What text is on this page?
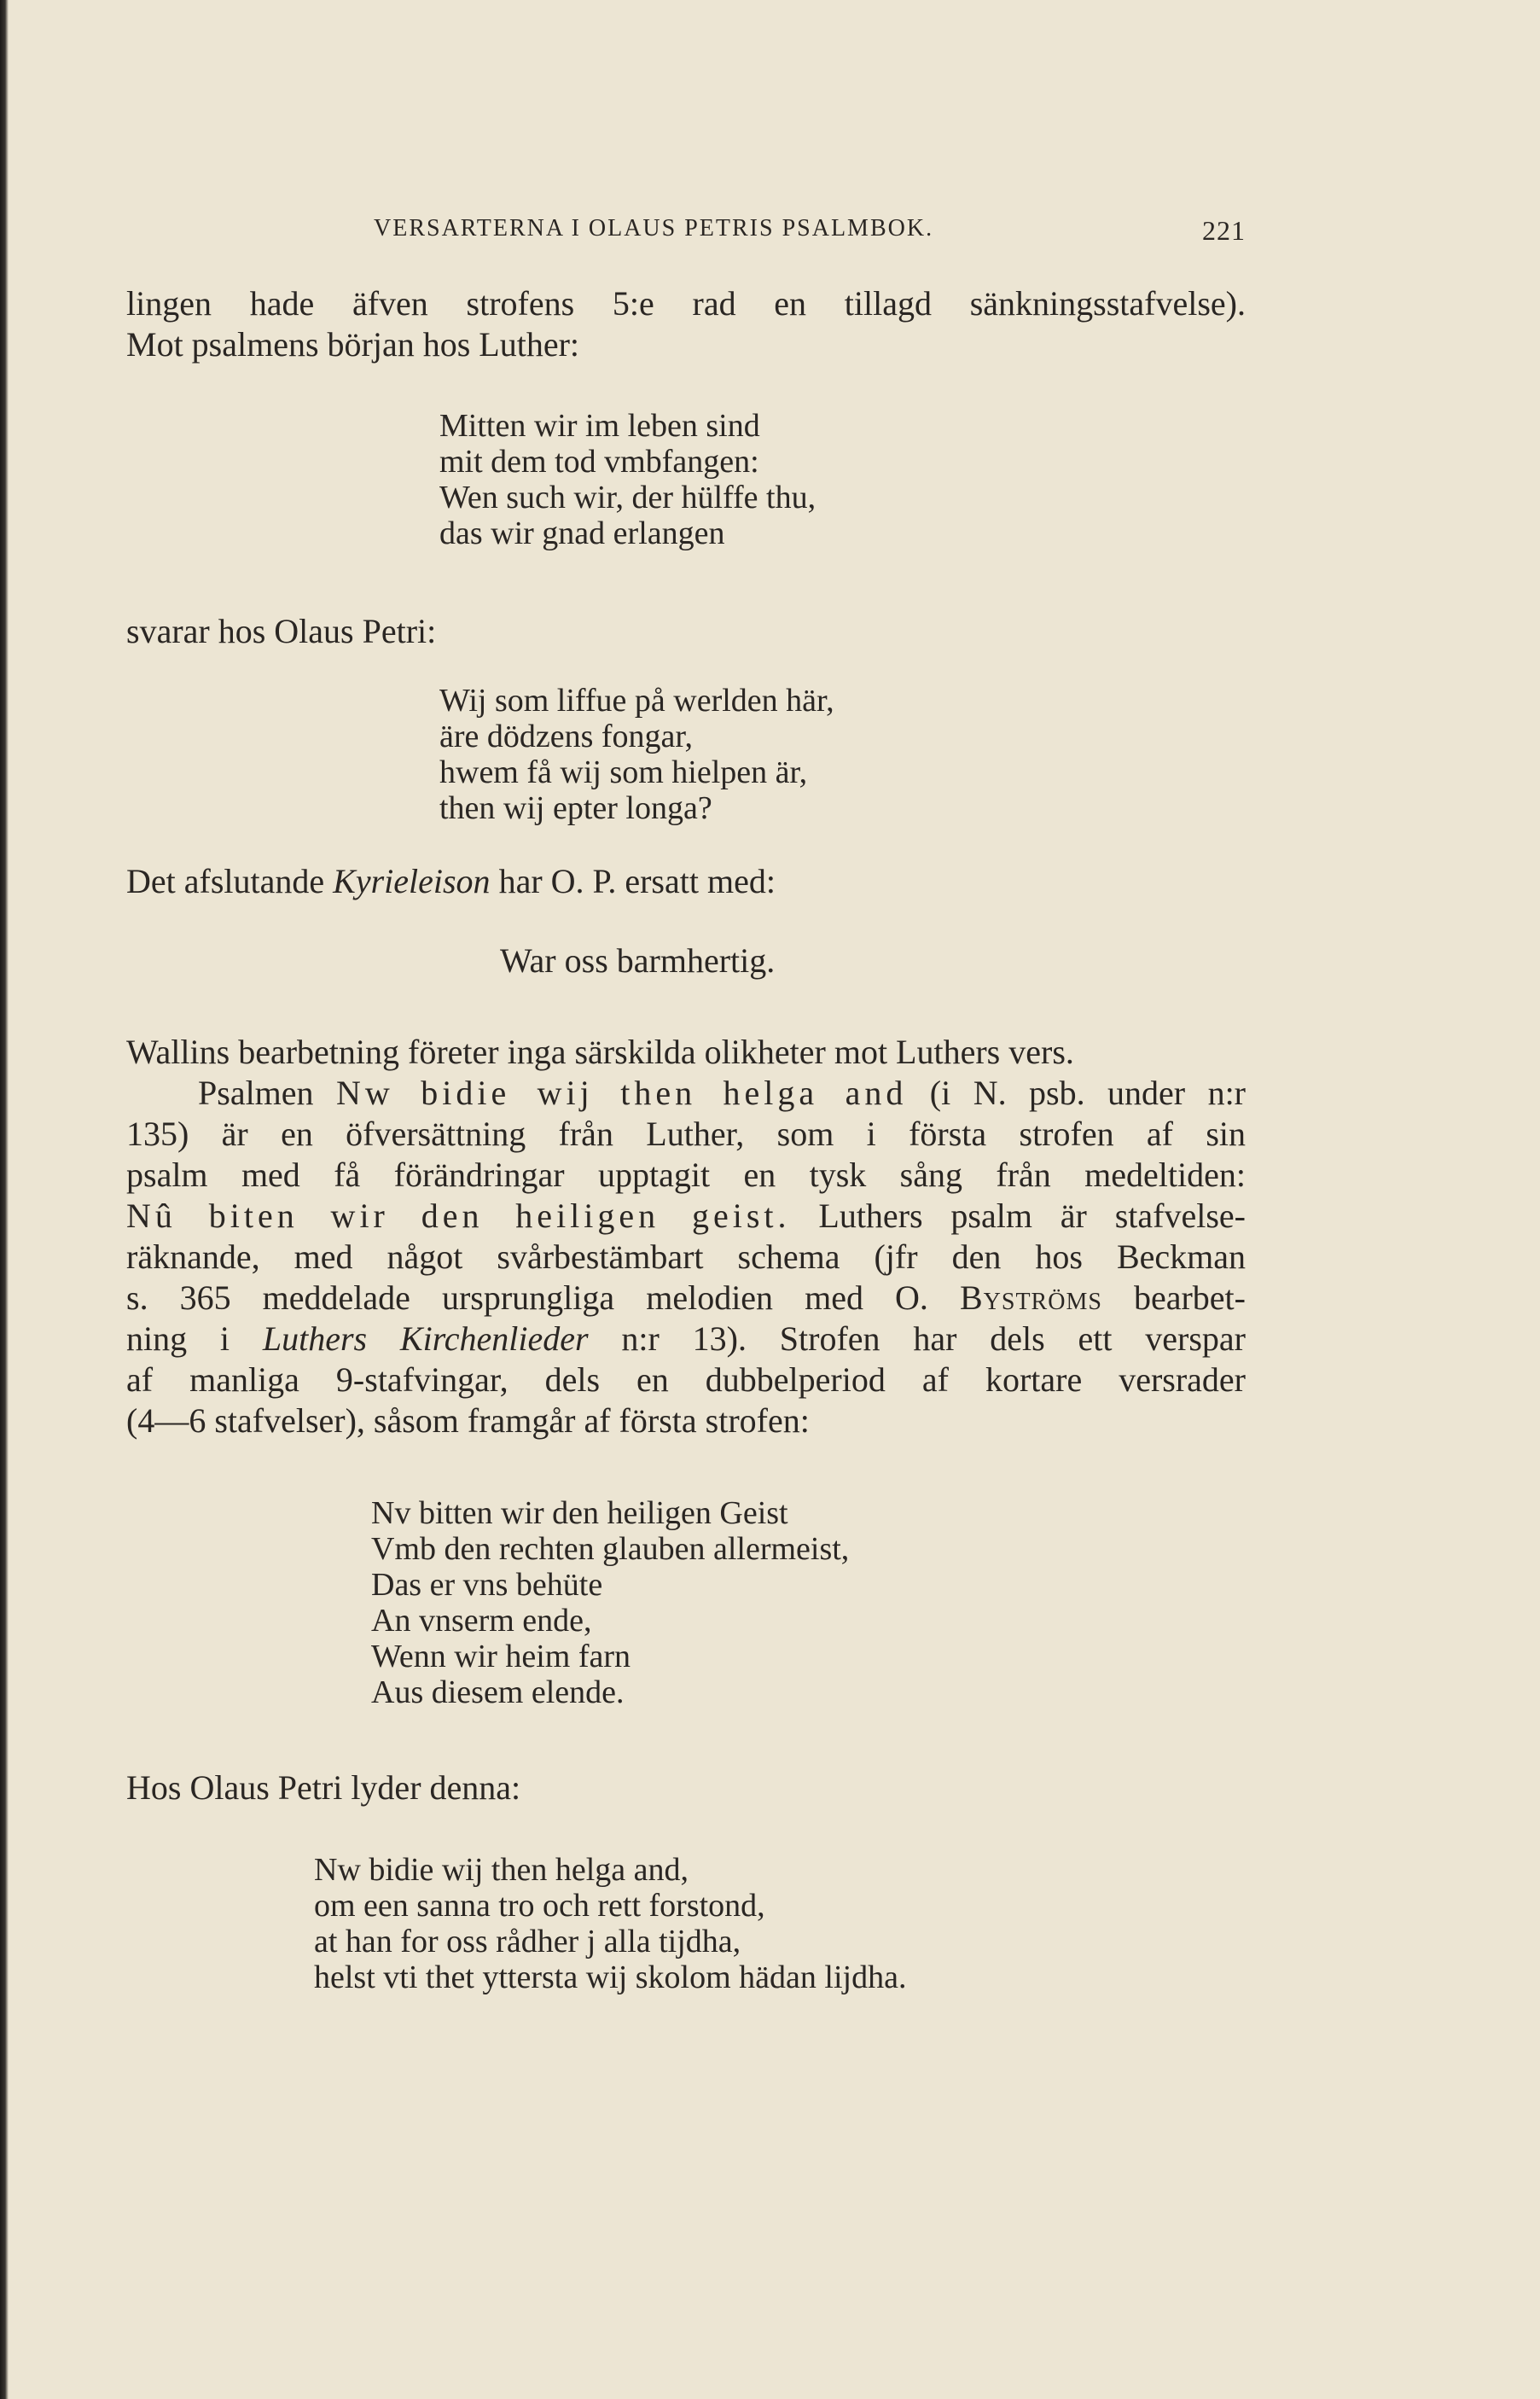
VERSARTERNA I OLAUS PETRIS PSALMBOK.	221
lingen hade äfven strofens 5:e rad en tillagd sänkningsstafvelse).
Mot psalmens början hos Luther:
Mitten wir im leben sind
mit dem tod vmbfangen:
Wen such wir, der hülffe thu,
das wir gnad erlangen
svarar hos Olaus Petri:
Wij som liffue på werlden här,
äre dödzens fongar,
hwem få wij som hielpen är,
then wij epter longa?
Det afslutande Kyrieleison har O. P. ersatt med:
War oss barmhertig.
Wallins bearbetning företer inga särskilda olikheter mot Luthers vers.
Psalmen Nw bidie wij then helga and (i N. psb. under n:r
135) är en öfversättning från Luther, som i första strofen af sin
psalm med få förändringar upptagit en tysk sång från medeltiden:
Nû biten wir den heiligen geist. Luthers psalm är stafvelse-
räknande, med något svårbestämbart schema (jfr den hos Beckman
s. 365 meddelade ursprungliga melodien med O. Byströms bearbet-
ning i Luthers Kirchenlieder n:r 13). Strofen har dels ett verspar
af manliga 9-stafvingar, dels en dubbelperiod af kortare versrader
(4—6 stafvelser), såsom framgår af första strofen:
Nv bitten wir den heiligen Geist
Vmb den rechten glauben allermeist,
Das er vns behüte
An vnserm ende,
Wenn wir heim farn
Aus diesem elende.
Hos Olaus Petri lyder denna:
Nw bidie wij then helga and,
om een sanna tro och rett forstond,
at han for oss rådher j alla tijdha,
helst vti thet yttersta wij skolom hädan lijdha.
